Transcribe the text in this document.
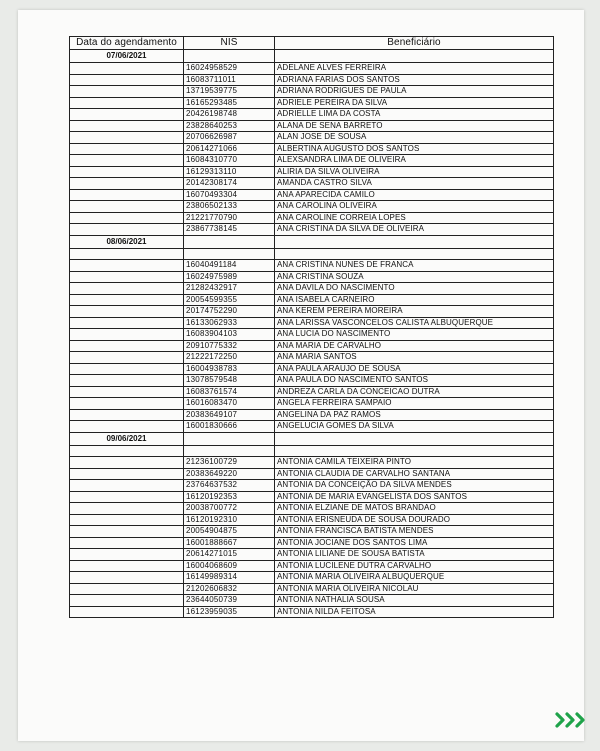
Data do agendamento	NIS	Beneficiário
07/06/2021		
	16024958529	ADELANE ALVES FERREIRA
	16083711011	ADRIANA FARIAS DOS SANTOS
	13719539775	ADRIANA RODRIGUES DE PAULA
	16165293485	ADRIELE PEREIRA DA SILVA
	20426198748	ADRIELLE LIMA DA COSTA
	23828640253	ALANA DE SENA BARRETO
	20706626987	ALAN JOSE DE SOUSA
	20614271066	ALBERTINA AUGUSTO DOS SANTOS
	16084310770	ALEXSANDRA LIMA DE OLIVEIRA
	16129313110	ALIRIA DA SILVA OLIVEIRA
	20142308174	AMANDA CASTRO SILVA
	16070493304	ANA APARECIDA CAMILO
	23806502133	ANA CAROLINA OLIVEIRA
	21221770790	ANA CAROLINE CORREIA LOPES
	23867738145	ANA CRISTINA DA SILVA DE OLIVEIRA
08/06/2021		

	16040491184	ANA CRISTINA NUNES DE FRANCA
	16024975989	ANA CRISTINA SOUZA
	21282432917	ANA DAVILA DO NASCIMENTO
	20054599355	ANA ISABELA CARNEIRO
	20174752290	ANA KEREM PEREIRA MOREIRA
	16133062933	ANA LARISSA VASCONCELOS CALISTA ALBUQUERQUE
	16083904103	ANA LUCIA DO NASCIMENTO
	20910775332	ANA MARIA DE CARVALHO
	21222172250	ANA MARIA SANTOS
	16004938783	ANA PAULA ARAUJO DE SOUSA
	13078579548	ANA PAULA DO NASCIMENTO SANTOS
	16083761574	ANDREZA CARLA DA CONCEICAO DUTRA
	16016083470	ANGELA FERREIRA SAMPAIO
	20383649107	ANGELINA DA PAZ RAMOS
	16001830666	ANGELUCIA GOMES DA SILVA
09/06/2021		

	21236100729	ANTONIA CAMILA TEIXEIRA PINTO
	20383649220	ANTONIA CLAUDIA DE CARVALHO SANTANA
	23764637532	ANTONIA DA CONCEIÇÃO DA SILVA MENDES
	16120192353	ANTONIA DE MARIA EVANGELISTA DOS SANTOS
	20038700772	ANTONIA ELZIANE DE MATOS BRANDAO
	16120192310	ANTONIA ERISNEUDA DE SOUSA DOURADO
	20054904875	ANTONIA FRANCISCA BATISTA MENDES
	16001888667	ANTONIA JOCIANE DOS SANTOS LIMA
	20614271015	ANTONIA LILIANE DE SOUSA BATISTA
	16004068609	ANTONIA LUCILENE DUTRA CARVALHO
	16149989314	ANTONIA MARIA OLIVEIRA ALBUQUERQUE
	21202606832	ANTONIA MARIA OLIVEIRA NICOLAU
	23644050739	ANTONIA NATHALIA SOUSA
	16123959035	ANTONIA NILDA FEITOSA
